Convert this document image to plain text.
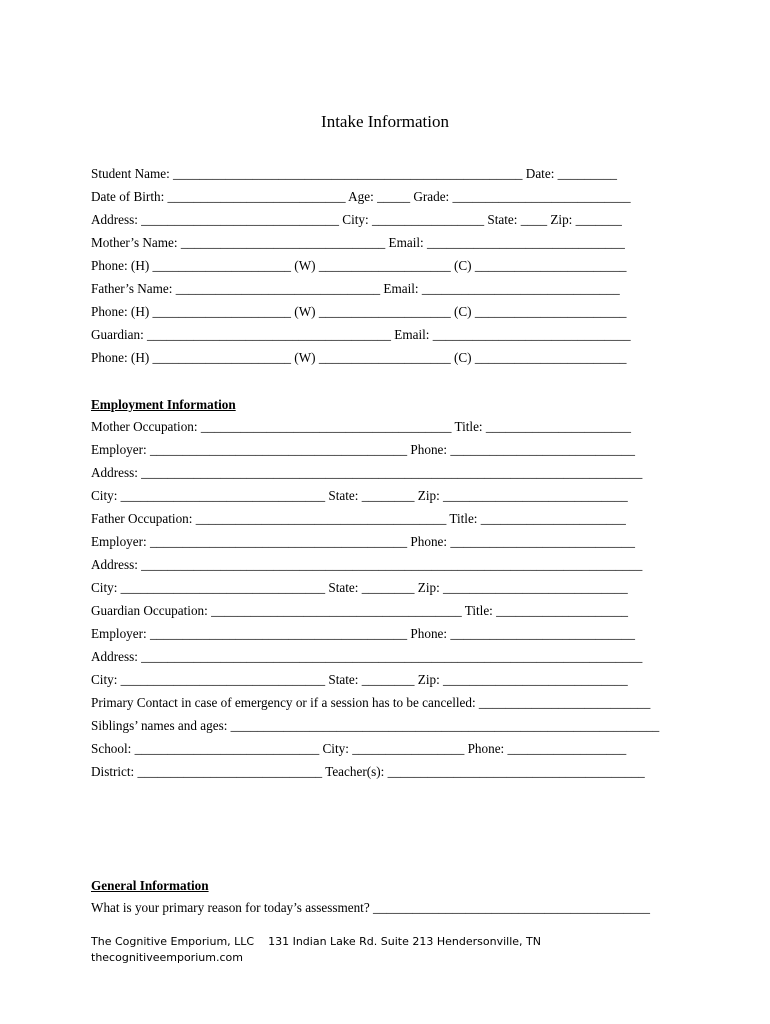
Intake Information
Student Name: _____________________________________________________ Date: _________
Date of Birth: ___________________________ Age: _____ Grade: ___________________________
Address: ______________________________ City: _________________ State: ____ Zip: _______
Mother’s Name: _______________________________ Email: ______________________________
Phone: (H) _____________________ (W) ____________________ (C) _______________________
Father’s Name: _______________________________ Email: ______________________________
Phone: (H) _____________________ (W) ____________________ (C) _______________________
Guardian: _____________________________________ Email: ______________________________
Phone: (H) _____________________ (W) ____________________ (C) _______________________
Employment Information
Mother Occupation: ______________________________________ Title: ______________________
Employer: _______________________________________ Phone: ____________________________
Address: ____________________________________________________________________________
City: _______________________________ State: ________ Zip: ____________________________
Father Occupation: ______________________________________ Title: ______________________
Employer: _______________________________________ Phone: ____________________________
Address: ____________________________________________________________________________
City: _______________________________ State: ________ Zip: ____________________________
Guardian Occupation: ______________________________________ Title: ____________________
Employer: _______________________________________ Phone: ____________________________
Address: ____________________________________________________________________________
City: _______________________________ State: ________ Zip: ____________________________
Primary Contact in case of emergency or if a session has to be cancelled: __________________________
Siblings’ names and ages: _________________________________________________________________
School: ____________________________ City: _________________ Phone: __________________
District: ____________________________ Teacher(s): _______________________________________
General Information
What is your primary reason for today’s assessment? __________________________________________
The Cognitive Emporium, LLC 131 Indian Lake Rd. Suite 213 Hendersonville, TN
thecognitiveemporium.com
